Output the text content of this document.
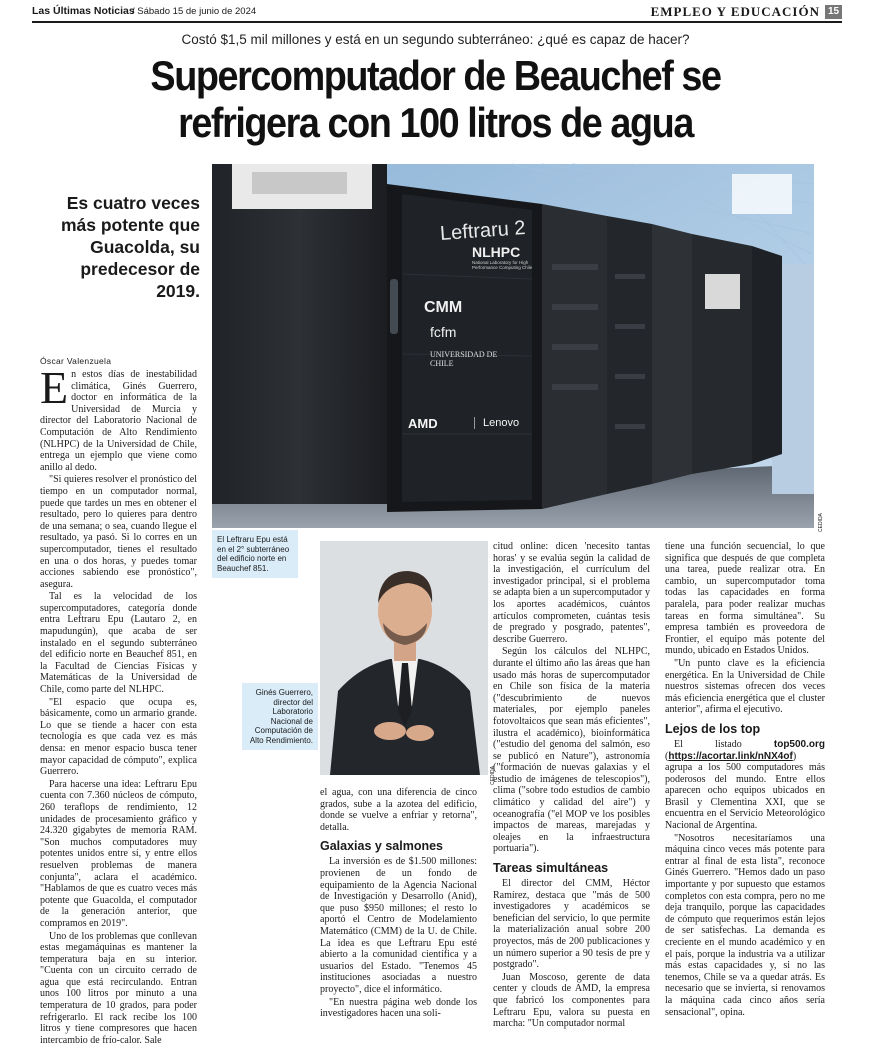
Las Últimas Noticias
/ Sábado 15 de junio de 2024	EMPLEO Y EDUCACIÓN 15
Costó $1,5 mil millones y está en un segundo subterráneo: ¿qué es capaz de hacer?
Supercomputador de Beauchef se
refrigera con 100 litros de agua
Es cuatro veces más potente que Guacolda, su predecesor de 2019.
Óscar Valenzuela
Leftraru 2
NLHPC
National Laboratory for High Performance Computing Chile
CMM
fcfm
UNIVERSIDAD DE CHILE
AMD	Lenovo
CEDIDA
El Leftraru Epu está en el 2° subterráneo del edificio norte en Beauchef 851.
CEDIDA
Ginés Guerrero, director del Laboratorio Nacional de Computación de Alto Rendimiento.
E n estos días de inestabilidad climática, Ginés Guerrero, doctor en informática de la Universidad de Murcia y director del Laboratorio Nacional de Computación de Alto Rendimiento (NLHPC) de la Universidad de Chile, entrega un ejemplo que viene como anillo al dedo.

"Si quieres resolver el pronóstico del tiempo en un computador normal, puede que tardes un mes en obtener el resultado, pero lo quieres para dentro de una semana; o sea, cuando llegue el resultado, ya pasó. Si lo corres en un supercomputador, tienes el resultado en una o dos horas, y puedes tomar acciones sabiendo ese pronóstico", asegura.

Tal es la velocidad de los supercomputadores, categoría donde entra Leftraru Epu (Lautaro 2, en mapudungún), que acaba de ser instalado en el segundo subterráneo del edificio norte en Beauchef 851, en la Facultad de Ciencias Físicas y Matemáticas de la Universidad de Chile, como parte del NLHPC.

"El espacio que ocupa es, básicamente, como un armario grande. Lo que se tiende a hacer con esta tecnología es que cada vez es más densa: en menor espacio busca tener mayor capacidad de cómputo", explica Guerrero.

Para hacerse una idea: Leftraru Epu cuenta con 7.360 núcleos de cómputo, 260 teraflops de rendimiento, 12 unidades de procesamiento gráfico y 24.320 gigabytes de memoria RAM. "Son muchos computadores muy potentes unidos entre sí, y entre ellos resuelven problemas de manera conjunta", aclara el académico. "Hablamos de que es cuatro veces más potente que Guacolda, el computador de la generación anterior, que compramos en 2019".

Uno de los problemas que conllevan estas megamáquinas es mantener la temperatura baja en su interior. "Cuenta con un circuito cerrado de agua que está recirculando. Entran unos 100 litros por minuto a una temperatura de 10 grados, para poder refrigerarlo. El rack recibe los 100 litros y tiene compresores que hacen intercambio de frío-calor. Sale

el agua, con una diferencia de cinco grados, sube a la azotea del edificio, donde se vuelve a enfriar y retorna", detalla.

Galaxias y salmones

La inversión es de $1.500 millones: provienen de un fondo de equipamiento de la Agencia Nacional de Investigación y Desarrollo (Anid), que puso $950 millones; el resto lo aportó el Centro de Modelamiento Matemático (CMM) de la U. de Chile. La idea es que Leftraru Epu esté abierto a la comunidad científica y a usuarios del Estado. "Tenemos 45 instituciones asociadas a nuestro proyecto", dice el informático.

"En nuestra página web donde los investigadores hacen una soli-

citud online: dicen 'necesito tantas horas' y se evalúa según la calidad de la investigación, el currículum del investigador principal, si el problema se adapta bien a un supercomputador y los aportes académicos, cuántos artículos comprometen, cuántas tesis de pregrado y posgrado, patentes", describe Guerrero.

Según los cálculos del NLHPC, durante el último año las áreas que han usado más horas de supercomputador en Chile son física de la materia ("descubrimiento de nuevos materiales, por ejemplo paneles fotovoltaicos que sean más eficientes", ilustra el académico), bioinformática ("estudio del genoma del salmón, eso se publicó en Nature"), astronomía ("formación de nuevas galaxias y el estudio de imágenes de telescopios"), clima ("sobre todo estudios de cambio climático y calidad del aire") y oceanografía ("el MOP ve los posibles impactos de mareas, marejadas y oleajes en la infraestructura portuaria").

Tareas simultáneas

El director del CMM, Héctor Ramírez, destaca que "más de 500 investigadores y académicos se benefician del servicio, lo que permite la materialización anual sobre 200 proyectos, más de 200 publicaciones y un número superior a 90 tesis de pre y postgrado".

Juan Moscoso, gerente de data center y clouds de AMD, la empresa que fabricó los componentes para Leftraru Epu, valora su puesta en marcha: "Un computador normal

tiene una función secuencial, lo que significa que después de que completa una tarea, puede realizar otra. En cambio, un supercomputador toma todas las capacidades en forma paralela, para poder realizar muchas tareas en forma simultánea". Su empresa también es proveedora de Frontier, el equipo más potente del mundo, ubicado en Estados Unidos.

"Un punto clave es la eficiencia energética. En la Universidad de Chile nuestros sistemas ofrecen dos veces más eficiencia energética que el cluster anterior", afirma el ejecutivo.

Lejos de los top

El listado top500.org (https://acortar.link/nNX4of) agrupa a los 500 computadores más poderosos del mundo. Entre ellos aparecen ocho equipos ubicados en Brasil y Clementina XXI, que se encuentra en el Servicio Meteorológico Nacional de Argentina.

"Nosotros necesitaríamos una máquina cinco veces más potente para entrar al final de esta lista", reconoce Ginés Guerrero. "Hemos dado un paso importante y por supuesto que estamos completos con esta compra, pero no me deja tranquilo, porque las capacidades de cómputo que requerimos están lejos de ser satisfechas. La demanda es creciente en el mundo académico y en el país, porque la industria va a utilizar más estas capacidades y, si no las tenemos, Chile se va a quedar atrás. Es necesario que se invierta, si renovamos la máquina cada cinco años sería sensacional", opina.
